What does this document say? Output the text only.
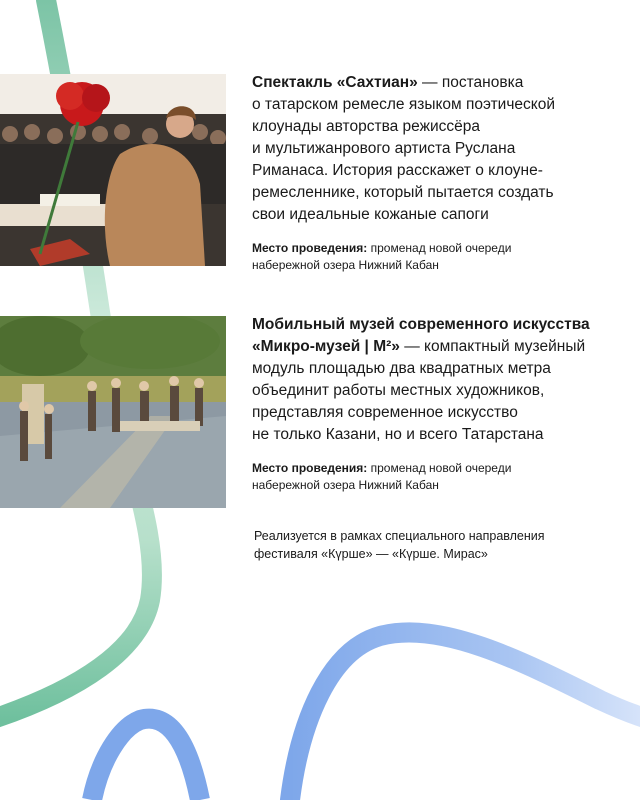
Спектакль «Сахтиан» — постановка
о татарском ремесле языком поэтической
клоунады авторства режиссёра
и мультижанрового артиста Руслана
Риманаса. История расскажет о клоуне-
ремесленнике, который пытается создать
свои идеальные кожаные сапоги

Место проведения: променад новой очереди
набережной озера Нижний Кабан

Мобильный музей современного искусства
«Микро-музей | M²» — компактный музейный
модуль площадью два квадратных метра
объединит работы местных художников,
представляя современное искусство
не только Казани, но и всего Татарстана

Место проведения: променад новой очереди
набережной озера Нижний Кабан
Реализуется в рамках специального направления
фестиваля «Күрше» — «Күрше. Мирас»
